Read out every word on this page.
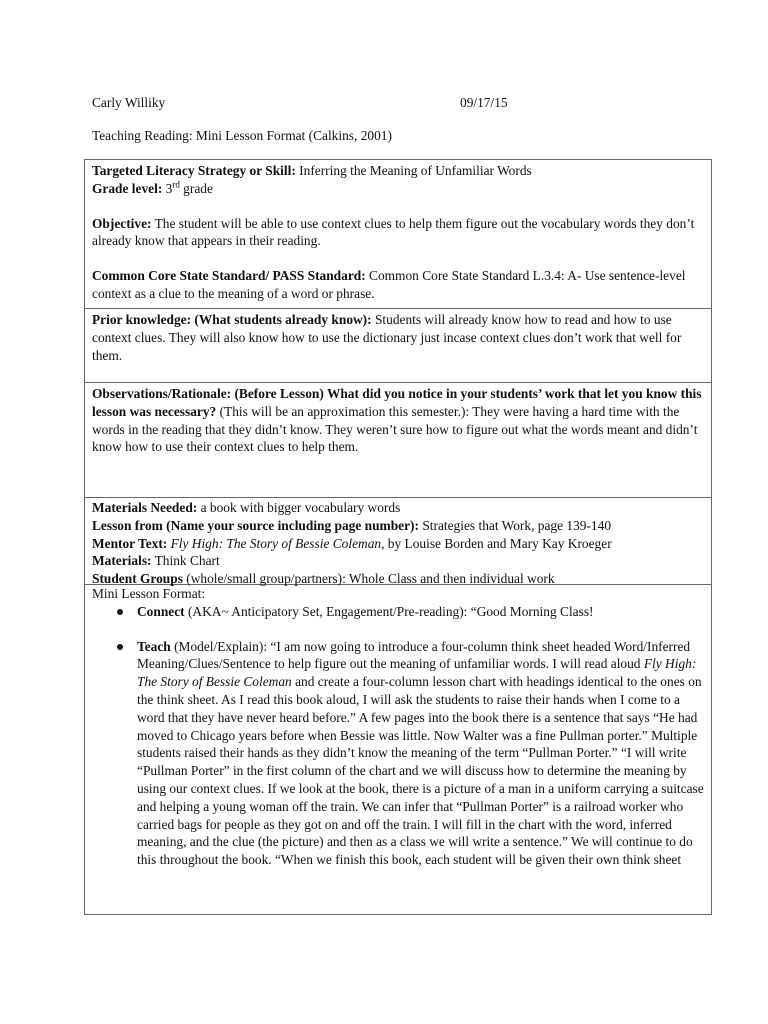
Carly Williky	09/17/15
Teaching Reading: Mini Lesson Format (Calkins, 2001)

Targeted Literacy Strategy or Skill: Inferring the Meaning of Unfamiliar Words

Grade level: 3rd grade

Objective: The student will be able to use context clues to help them figure out the vocabulary words they don’t already know that appears in their reading.

Common Core State Standard/ PASS Standard: Common Core State Standard L.3.4: A- Use sentence-level context as a clue to the meaning of a word or phrase.

Prior knowledge: (What students already know): Students will already know how to read and how to use context clues. They will also know how to use the dictionary just incase context clues don’t work that well for them.

Observations/Rationale: (Before Lesson) What did you notice in your students’ work that let you know this lesson was necessary? (This will be an approximation this semester.): They were having a hard time with the words in the reading that they didn’t know. They weren’t sure how to figure out what the words meant and didn’t know how to use their context clues to help them.

Materials Needed: a book with bigger vocabulary words

Lesson from (Name your source including page number): Strategies that Work, page 139-140

Mentor Text: Fly High: The Story of Bessie Coleman, by Louise Borden and Mary Kay Kroeger

Materials: Think Chart

Student Groups (whole/small group/partners): Whole Class and then individual work

Mini Lesson Format:

Connect (AKA~ Anticipatory Set, Engagement/Pre-reading): “Good Morning Class!
Teach (Model/Explain): “I am now going to introduce a four-column think sheet headed Word/Inferred Meaning/Clues/Sentence to help figure out the meaning of unfamiliar words. I will read aloud Fly High: The Story of Bessie Coleman and create a four-column lesson chart with headings identical to the ones on the think sheet. As I read this book aloud, I will ask the students to raise their hands when I come to a word that they have never heard before.” A few pages into the book there is a sentence that says “He had moved to Chicago years before when Bessie was little. Now Walter was a fine Pullman porter.” Multiple students raised their hands as they didn’t know the meaning of the term “Pullman Porter.” “I will write “Pullman Porter” in the first column of the chart and we will discuss how to determine the meaning by using our context clues. If we look at the book, there is a picture of a man in a uniform carrying a suitcase and helping a young woman off the train. We can infer that “Pullman Porter” is a railroad worker who carried bags for people as they got on and off the train. I will fill in the chart with the word, inferred meaning, and the clue (the picture) and then as a class we will write a sentence.” We will continue to do this throughout the book. “When we finish this book, each student will be given their own think sheet
